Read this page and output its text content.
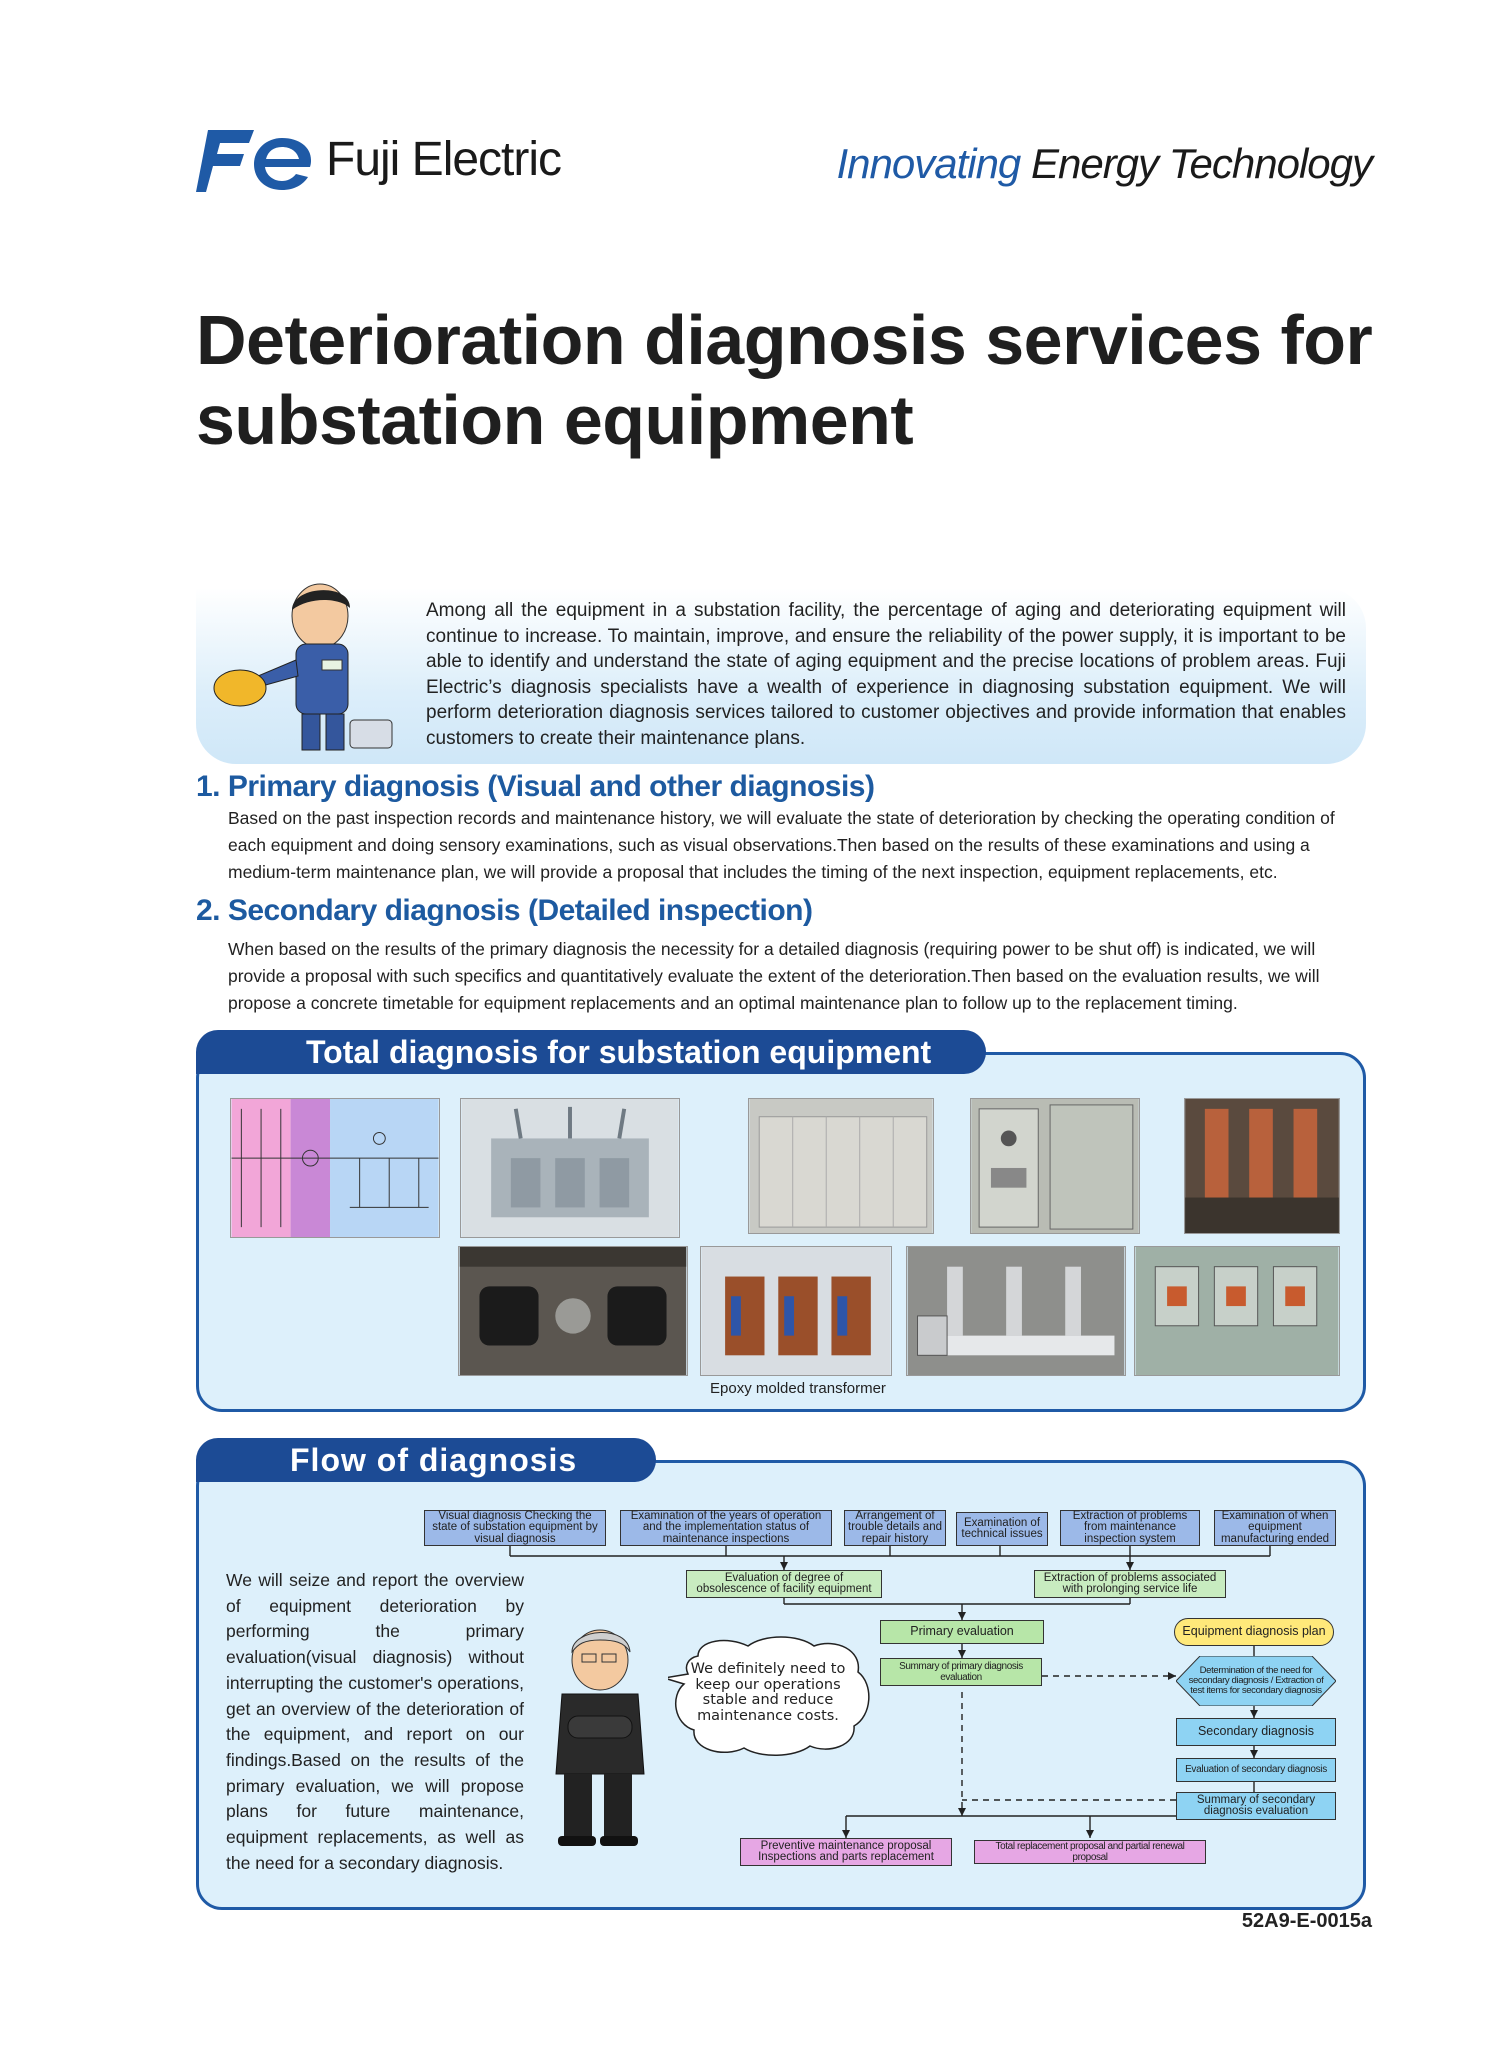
Fuji Electric	Innovating Energy Technology
Deterioration diagnosis services for substation equipment
Among all the equipment in a substation facility, the percentage of aging and deteriorating equipment will continue to increase. To maintain, improve, and ensure the reliability of the power supply, it is important to be able to identify and understand the state of aging equipment and the precise locations of problem areas. Fuji Electric’s diagnosis specialists have a wealth of experience in diagnosing substation equipment. We will perform deterioration diagnosis services tailored to customer objectives and provide information that enables customers to create their maintenance plans.
1. Primary diagnosis (Visual and other diagnosis)
Based on the past inspection records and maintenance history, we will evaluate the state of deterioration by checking the operating condition of each equipment and doing sensory examinations, such as visual observations.Then based on the results of these examinations and using a medium-term maintenance plan, we will provide a proposal that includes the timing of the next inspection, equipment replacements, etc.
2. Secondary diagnosis (Detailed inspection)
When based on the results of the primary diagnosis the necessity for a detailed diagnosis (requiring power to be shut off) is indicated, we will provide a proposal with such specifics and quantitatively evaluate the extent of the deterioration.Then based on the evaluation results, we will propose a concrete timetable for equipment replacements and an optimal maintenance plan to follow up to the replacement timing.
Total diagnosis for substation equipment
Epoxy molded transformer
Flow of diagnosis
We will seize and report the overview of equipment deterioration by performing the primary evaluation(visual diagnosis) without interrupting the customer's operations, get an overview of the deterioration of the equipment, and report on our findings.Based on the results of the primary evaluation, we will propose plans for future maintenance, equipment replacements, as well as the need for a secondary diagnosis.
Visual diagnosis Checking the state of substation equipment by visual diagnosis
Examination of the years of operation and the implementation status of maintenance inspections
Arrangement of trouble details and repair history
Examination of technical issues
Extraction of problems from maintenance inspection system
Examination of when equipment manufacturing ended
Evaluation of degree of obsolescence of facility equipment
Extraction of problems associated with prolonging service life
Primary evaluation
Summary of primary diagnosis evaluation
Equipment diagnosis plan
Determination of the need for secondary diagnosis / Extraction of test items for secondary diagnosis
Secondary diagnosis
Evaluation of secondary diagnosis
Summary of secondary diagnosis evaluation
Preventive maintenance proposal Inspections and parts replacement
Total replacement proposal and partial renewal proposal
We definitely need to keep our operations stable and reduce maintenance costs.
52A9-E-0015a
